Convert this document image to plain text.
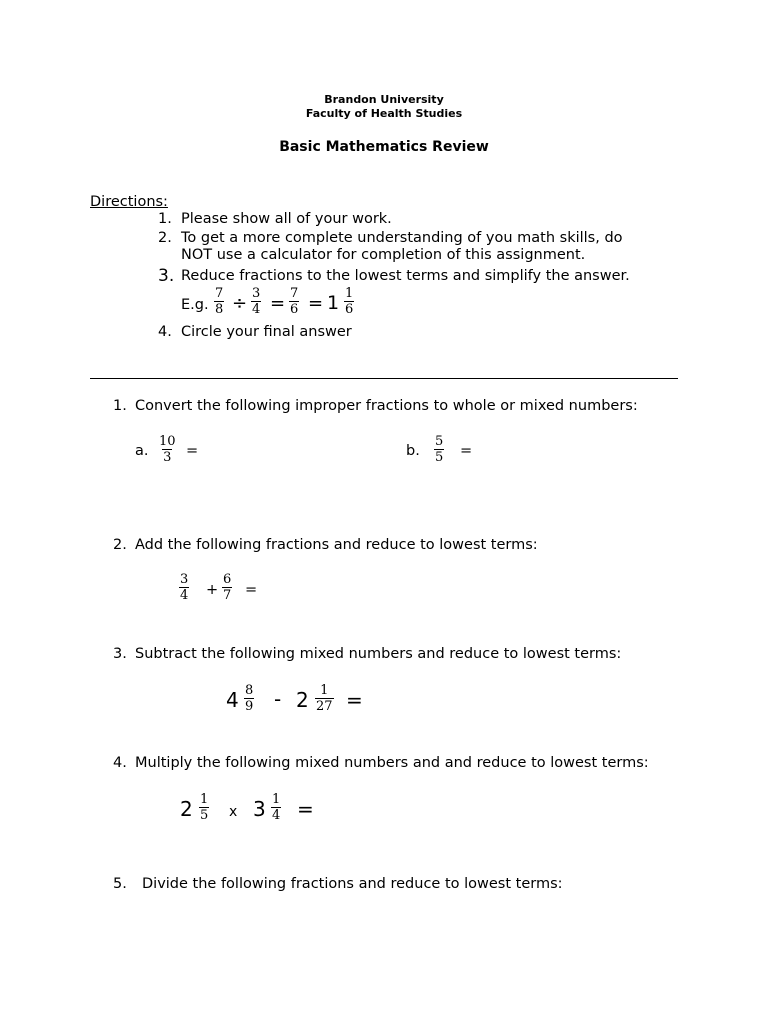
Brandon University
Faculty of Health Studies
Basic Mathematics Review
Directions:
1. Please show all of your work.
2. To get a more complete understanding of you math skills, do
NOT use a calculator for completion of this assignment.
3. Reduce fractions to the lowest terms and simplify the answer.
E.g. $\frac{7}{8} \div \frac{3}{4} = \frac{7}{6} = 1 \frac{1}{6}$
4. Circle your final answer
1. Convert the following improper fractions to whole or mixed numbers:
a. $\frac{10}{3}$ =	b. $\frac{5}{5}$ =
2. Add the following fractions and reduce to lowest terms:
$\frac{3}{4} + \frac{6}{7}$ =
3. Subtract the following mixed numbers and reduce to lowest terms:
$4 \frac{8}{9} - 2 \frac{1}{27}$ =
4. Multiply the following mixed numbers and and reduce to lowest terms:
$2 \frac{1}{5}$ x $3 \frac{1}{4}$ =
5. Divide the following fractions and reduce to lowest terms:
